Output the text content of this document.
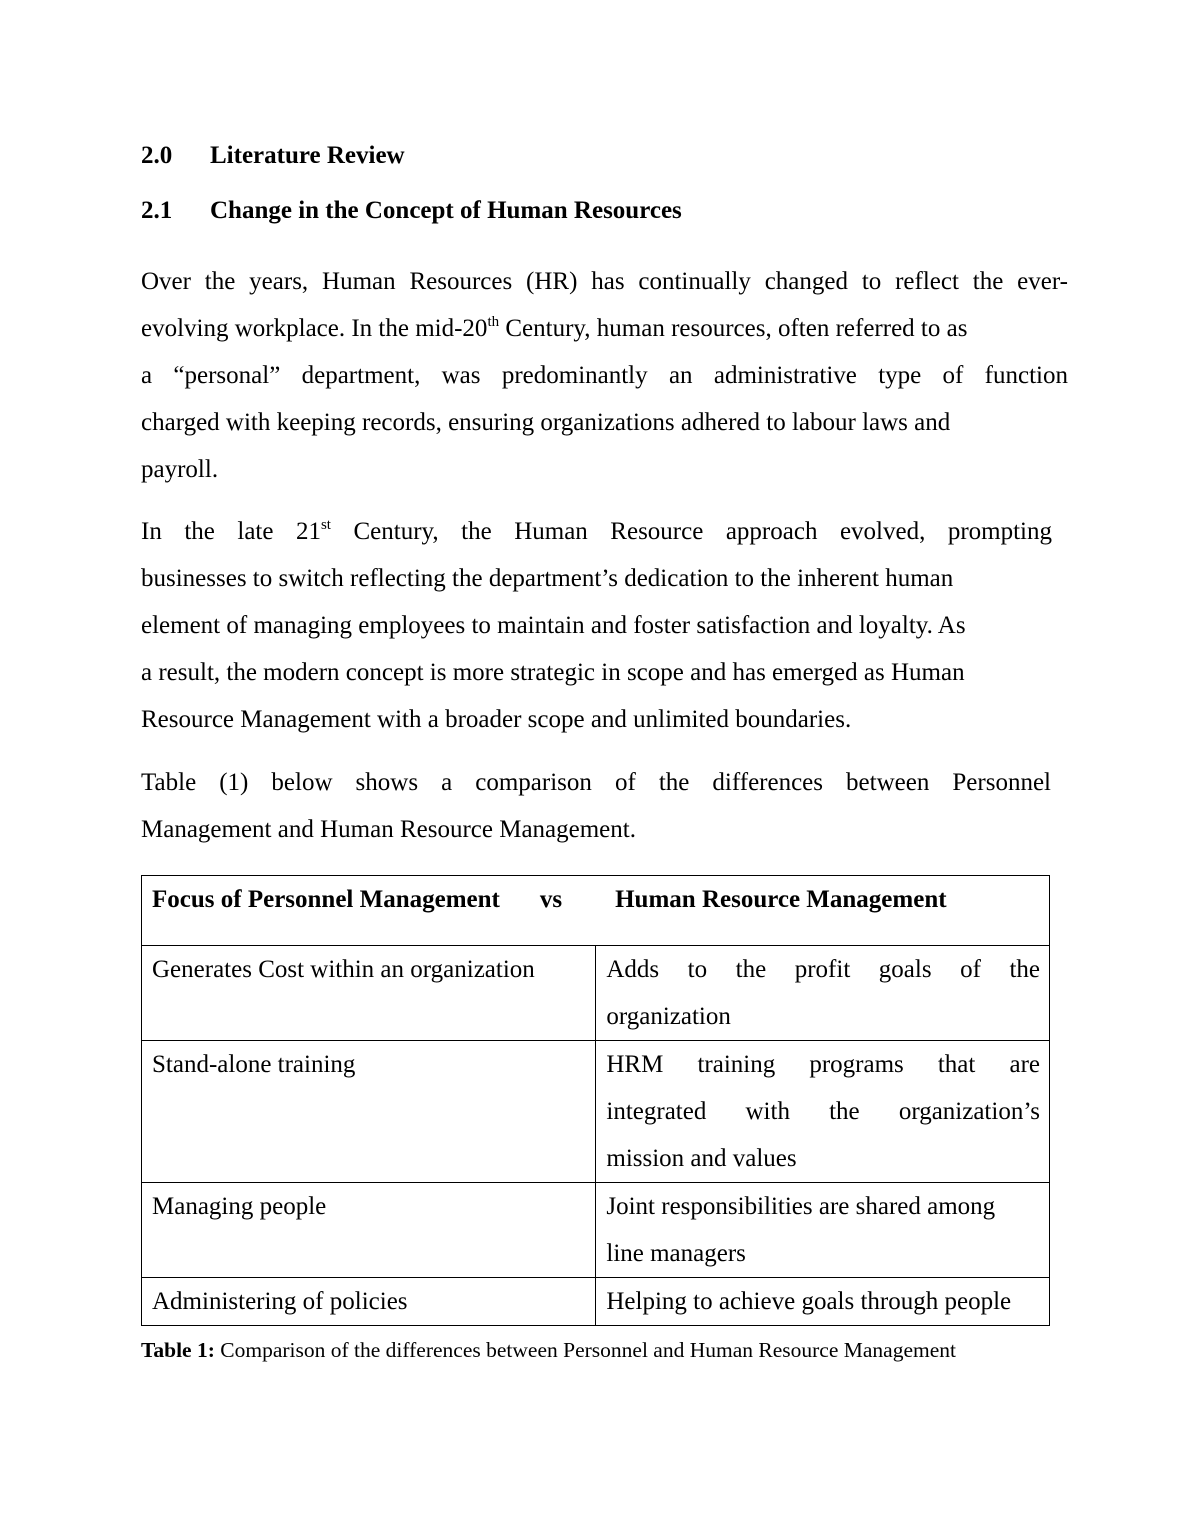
2.0 Literature Review
2.1 Change in the Concept of Human Resources
Over the years, Human Resources (HR) has continually changed to reflect the ever-
evolving workplace. In the mid-20th Century, human resources, often referred to as
a “personal” department, was predominantly an administrative type of function
charged with keeping records, ensuring organizations adhered to labour laws and
payroll.
In the late 21st Century, the Human Resource approach evolved, prompting
businesses to switch reflecting the department’s dedication to the inherent human
element of managing employees to maintain and foster satisfaction and loyalty. As
a result, the modern concept is more strategic in scope and has emerged as Human
Resource Management with a broader scope and unlimited boundaries.
Table (1) below shows a comparison of the differences between Personnel
Management and Human Resource Management.
Focus of Personnel Management vs Human Resource Management	

Generates Cost within an organization	Adds to the profit goals of the
organization

Stand-alone training	HRM training programs that are
integrated with the organization’s
mission and values

Managing people	Joint responsibilities are shared among
line managers

Administering of policies	Helping to achieve goals through people
Table 1: Comparison of the differences between Personnel and Human Resource Management
